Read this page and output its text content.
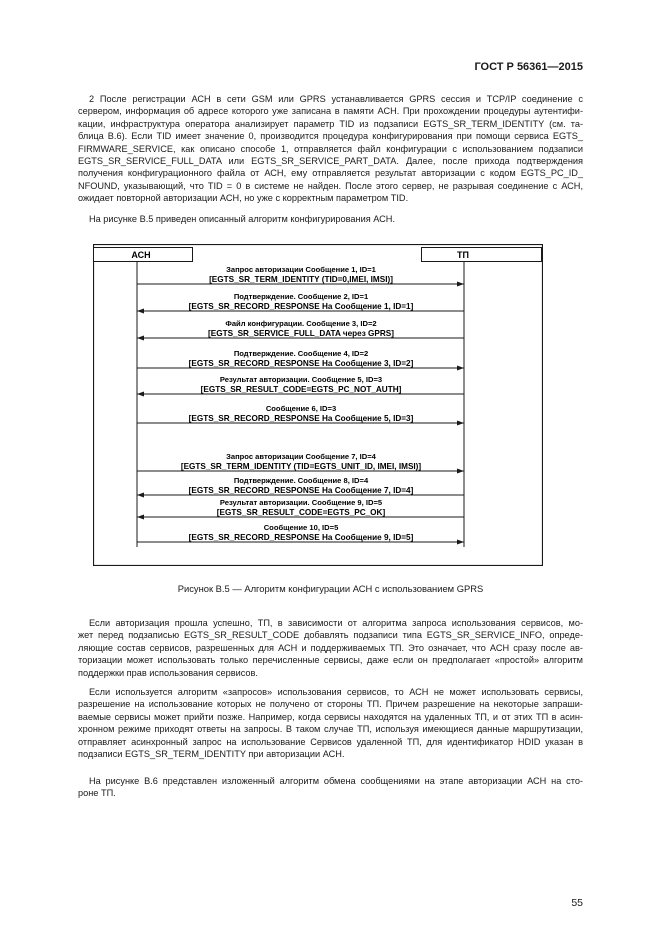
ГОСТ Р 56361—2015
2 После регистрации АСН в сети GSM или GPRS устанавливается GPRS сессия и TCP/IP соединение с
сервером, информация об адресе которого уже записана в памяти АСН. При прохождении процедуры аутентифи-
кации, инфраструктура оператора анализирует параметр TID из подзаписи EGTS_SR_TERM_IDENTITY (см. та-
блица В.6). Если TID имеет значение 0, производится процедура конфигурирования при помощи сервиса EGTS_
FIRMWARE_SERVICE, как описано способе 1, отправляется файл конфигурации с использованием подзаписи
EGTS_SR_SERVICE_FULL_DATA или EGTS_SR_SERVICE_PART_DATA. Далее, после прихода подтверждения
получения конфигурационного файла от АСН, ему отправляется результат авторизации с кодом EGTS_PC_ID_
NFOUND, указывающий, что TID = 0 в системе не найден. После этого сервер, не разрывая соединение с АСН,
ожидает повторной авторизации АСН, но уже с корректным параметром TID.
На рисунке В.5 приведен описанный алгоритм конфигурирования АСН.
АСН	ТП
Запрос авторизации Сообщение 1, ID=1
[EGTS_SR_TERM_IDENTITY (TID=0,IMEI, IMSI)]
Подтверждение. Сообщение 2, ID=1
[EGTS_SR_RECORD_RESPONSE На Сообщение 1, ID=1]
Файл конфигурации. Сообщение 3, ID=2
[EGTS_SR_SERVICE_FULL_DATA через GPRS]
Подтверждение. Сообщение 4, ID=2
[EGTS_SR_RECORD_RESPONSE На Сообщение 3, ID=2]
Результат авторизации. Сообщение 5, ID=3
[EGTS_SR_RESULT_CODE=EGTS_PC_NOT_AUTH]
Сообщение 6, ID=3
[EGTS_SR_RECORD_RESPONSE На Сообщение 5, ID=3]
Запрос авторизации Сообщение 7, ID=4
[EGTS_SR_TERM_IDENTITY (TID=EGTS_UNIT_ID, IMEI, IMSI)]
Подтверждение. Сообщение 8, ID=4
[EGTS_SR_RECORD_RESPONSE На Сообщение 7, ID=4]
Результат авторизации. Сообщение 9, ID=5
[EGTS_SR_RESULT_CODE=EGTS_PC_OK]
Сообщение 10, ID=5
[EGTS_SR_RECORD_RESPONSE На Сообщение 9, ID=5]
Рисунок В.5 — Алгоритм конфигурации АСН с использованием GPRS
Если авторизация прошла успешно, ТП, в зависимости от алгоритма запроса использования сервисов, мо-
жет перед подзаписью EGTS_SR_RESULT_CODE добавлять подзаписи типа EGTS_SR_SERVICE_INFO, опреде-
ляющие состав сервисов, разрешенных для АСН и поддерживаемых ТП. Это означает, что АСН сразу после ав-
торизации может использовать только перечисленные сервисы, даже если он предполагает «простой» алгоритм
поддержки прав использования сервисов.
Если используется алгоритм «запросов» использования сервисов, то АСН не может использовать сервисы,
разрешение на использование которых не получено от стороны ТП. Причем разрешение на некоторые запраши-
ваемые сервисы может прийти позже. Например, когда сервисы находятся на удаленных ТП, и от этих ТП в асин-
хронном режиме приходят ответы на запросы. В таком случае ТП, используя имеющиеся данные маршрутизации,
отправляет асинхронный запрос на использование Сервисов удаленной ТП, для идентификатор HDID указан в
подзаписи EGTS_SR_TERM_IDENTITY при авторизации АСН.
На рисунке В.6 представлен изложенный алгоритм обмена сообщениями на этапе авторизации АСН на сто-
роне ТП.
55
